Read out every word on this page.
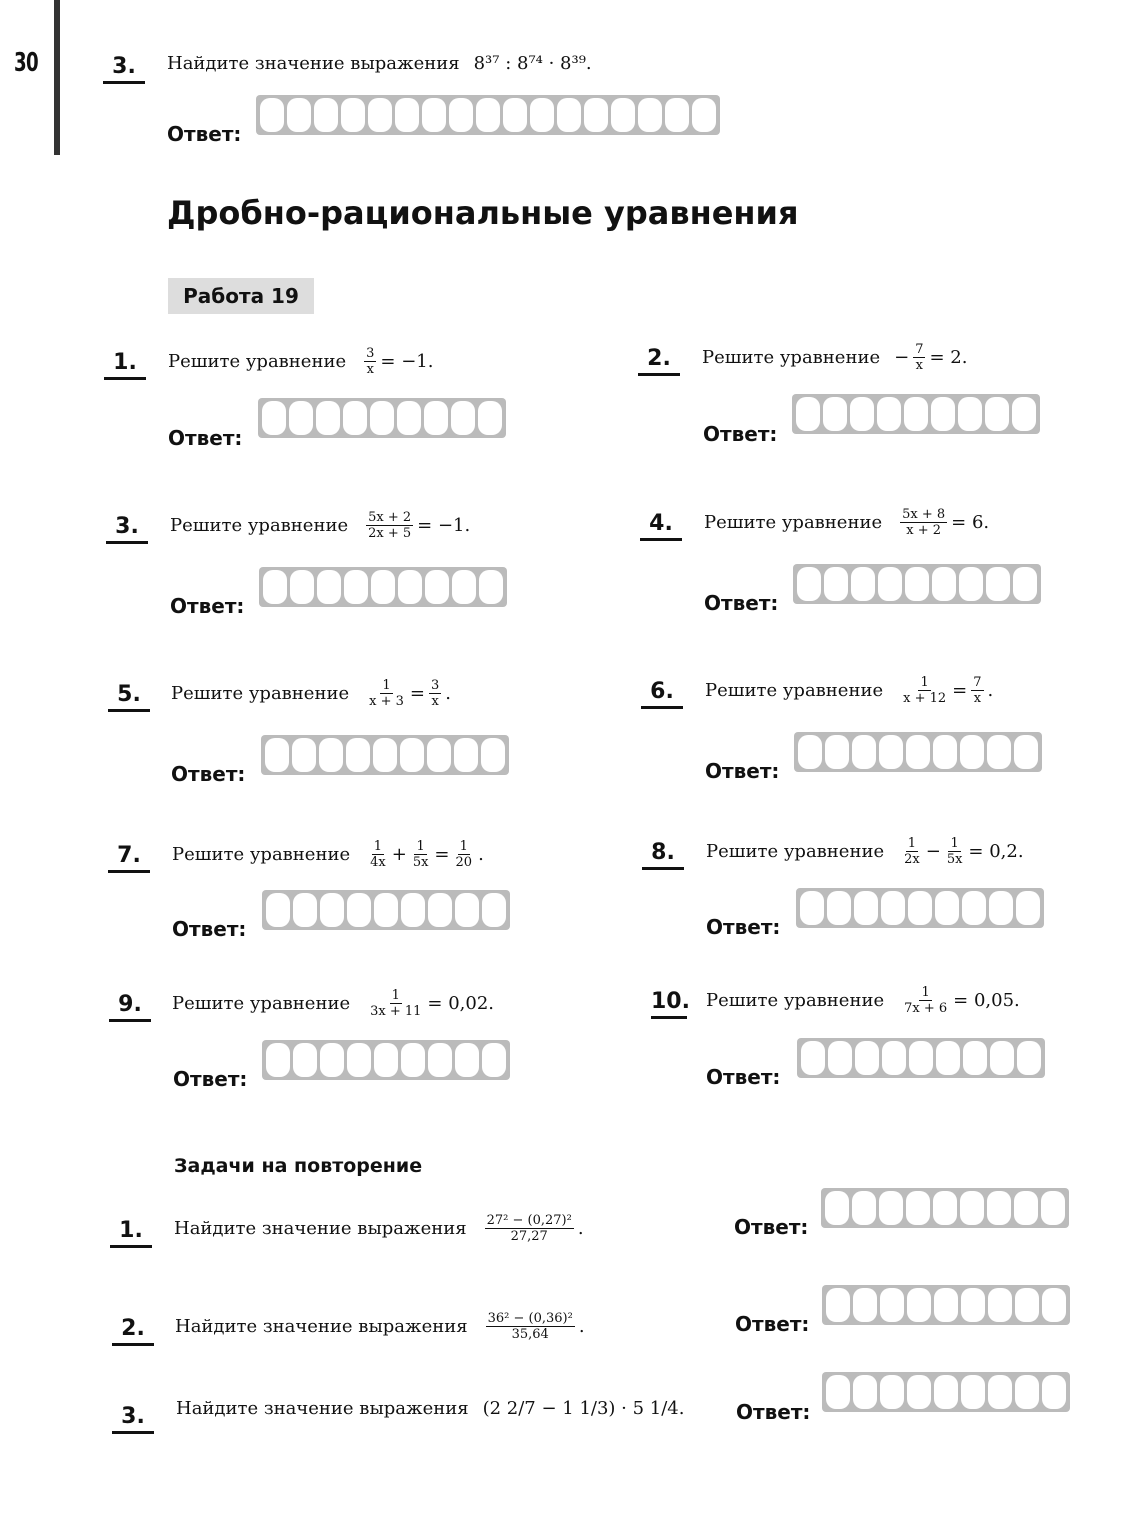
30	3.	Найдите значение выражения 8³⁷ : 8⁷⁴ · 8³⁹.
Ответ:
Дробно-рациональные уравнения
Работа 19
1.	Решите уравнение $\frac{3}{x} = -1$.
Ответ:
2.	Решите уравнение − $\frac{7}{x} = 2$.
Ответ:
3.	Решите уравнение $\frac{5x + 2}{2x + 5} = -1$.
Ответ:
4.	Решите уравнение $\frac{5x + 8}{x + 2} = 6$.
Ответ:
5.	Решите уравнение $\frac{1}{x + 3} = \frac{3}{x}$ .
Ответ:
6.	Решите уравнение $\frac{1}{x + 12} = \frac{7}{x}$ .
Ответ:
7.	Решите уравнение $\frac{1}{4x} + \frac{1}{5x} = \frac{1}{20}$ .
Ответ:
8.	Решите уравнение $\frac{1}{2x} - \frac{1}{5x} = 0,2$.
Ответ:
9.	Решите уравнение $\frac{1}{3x + 11} = 0,02$.
Ответ:
10. Решите уравнение $\frac{1}{7x + 6} = 0,05$.
Ответ:
Задачи на повторение
1.	Найдите значение выражения $\frac{\text{27² − (0,27)²}}{27,27}$ .	Ответ:
2.	Найдите значение выражения $\frac{\text{36² − (0,36)²}}{35,64}$ .	Ответ:
3.	Найдите значение выражения (2 2/7 − 1 1/3) · 5 1/4.	Ответ:
